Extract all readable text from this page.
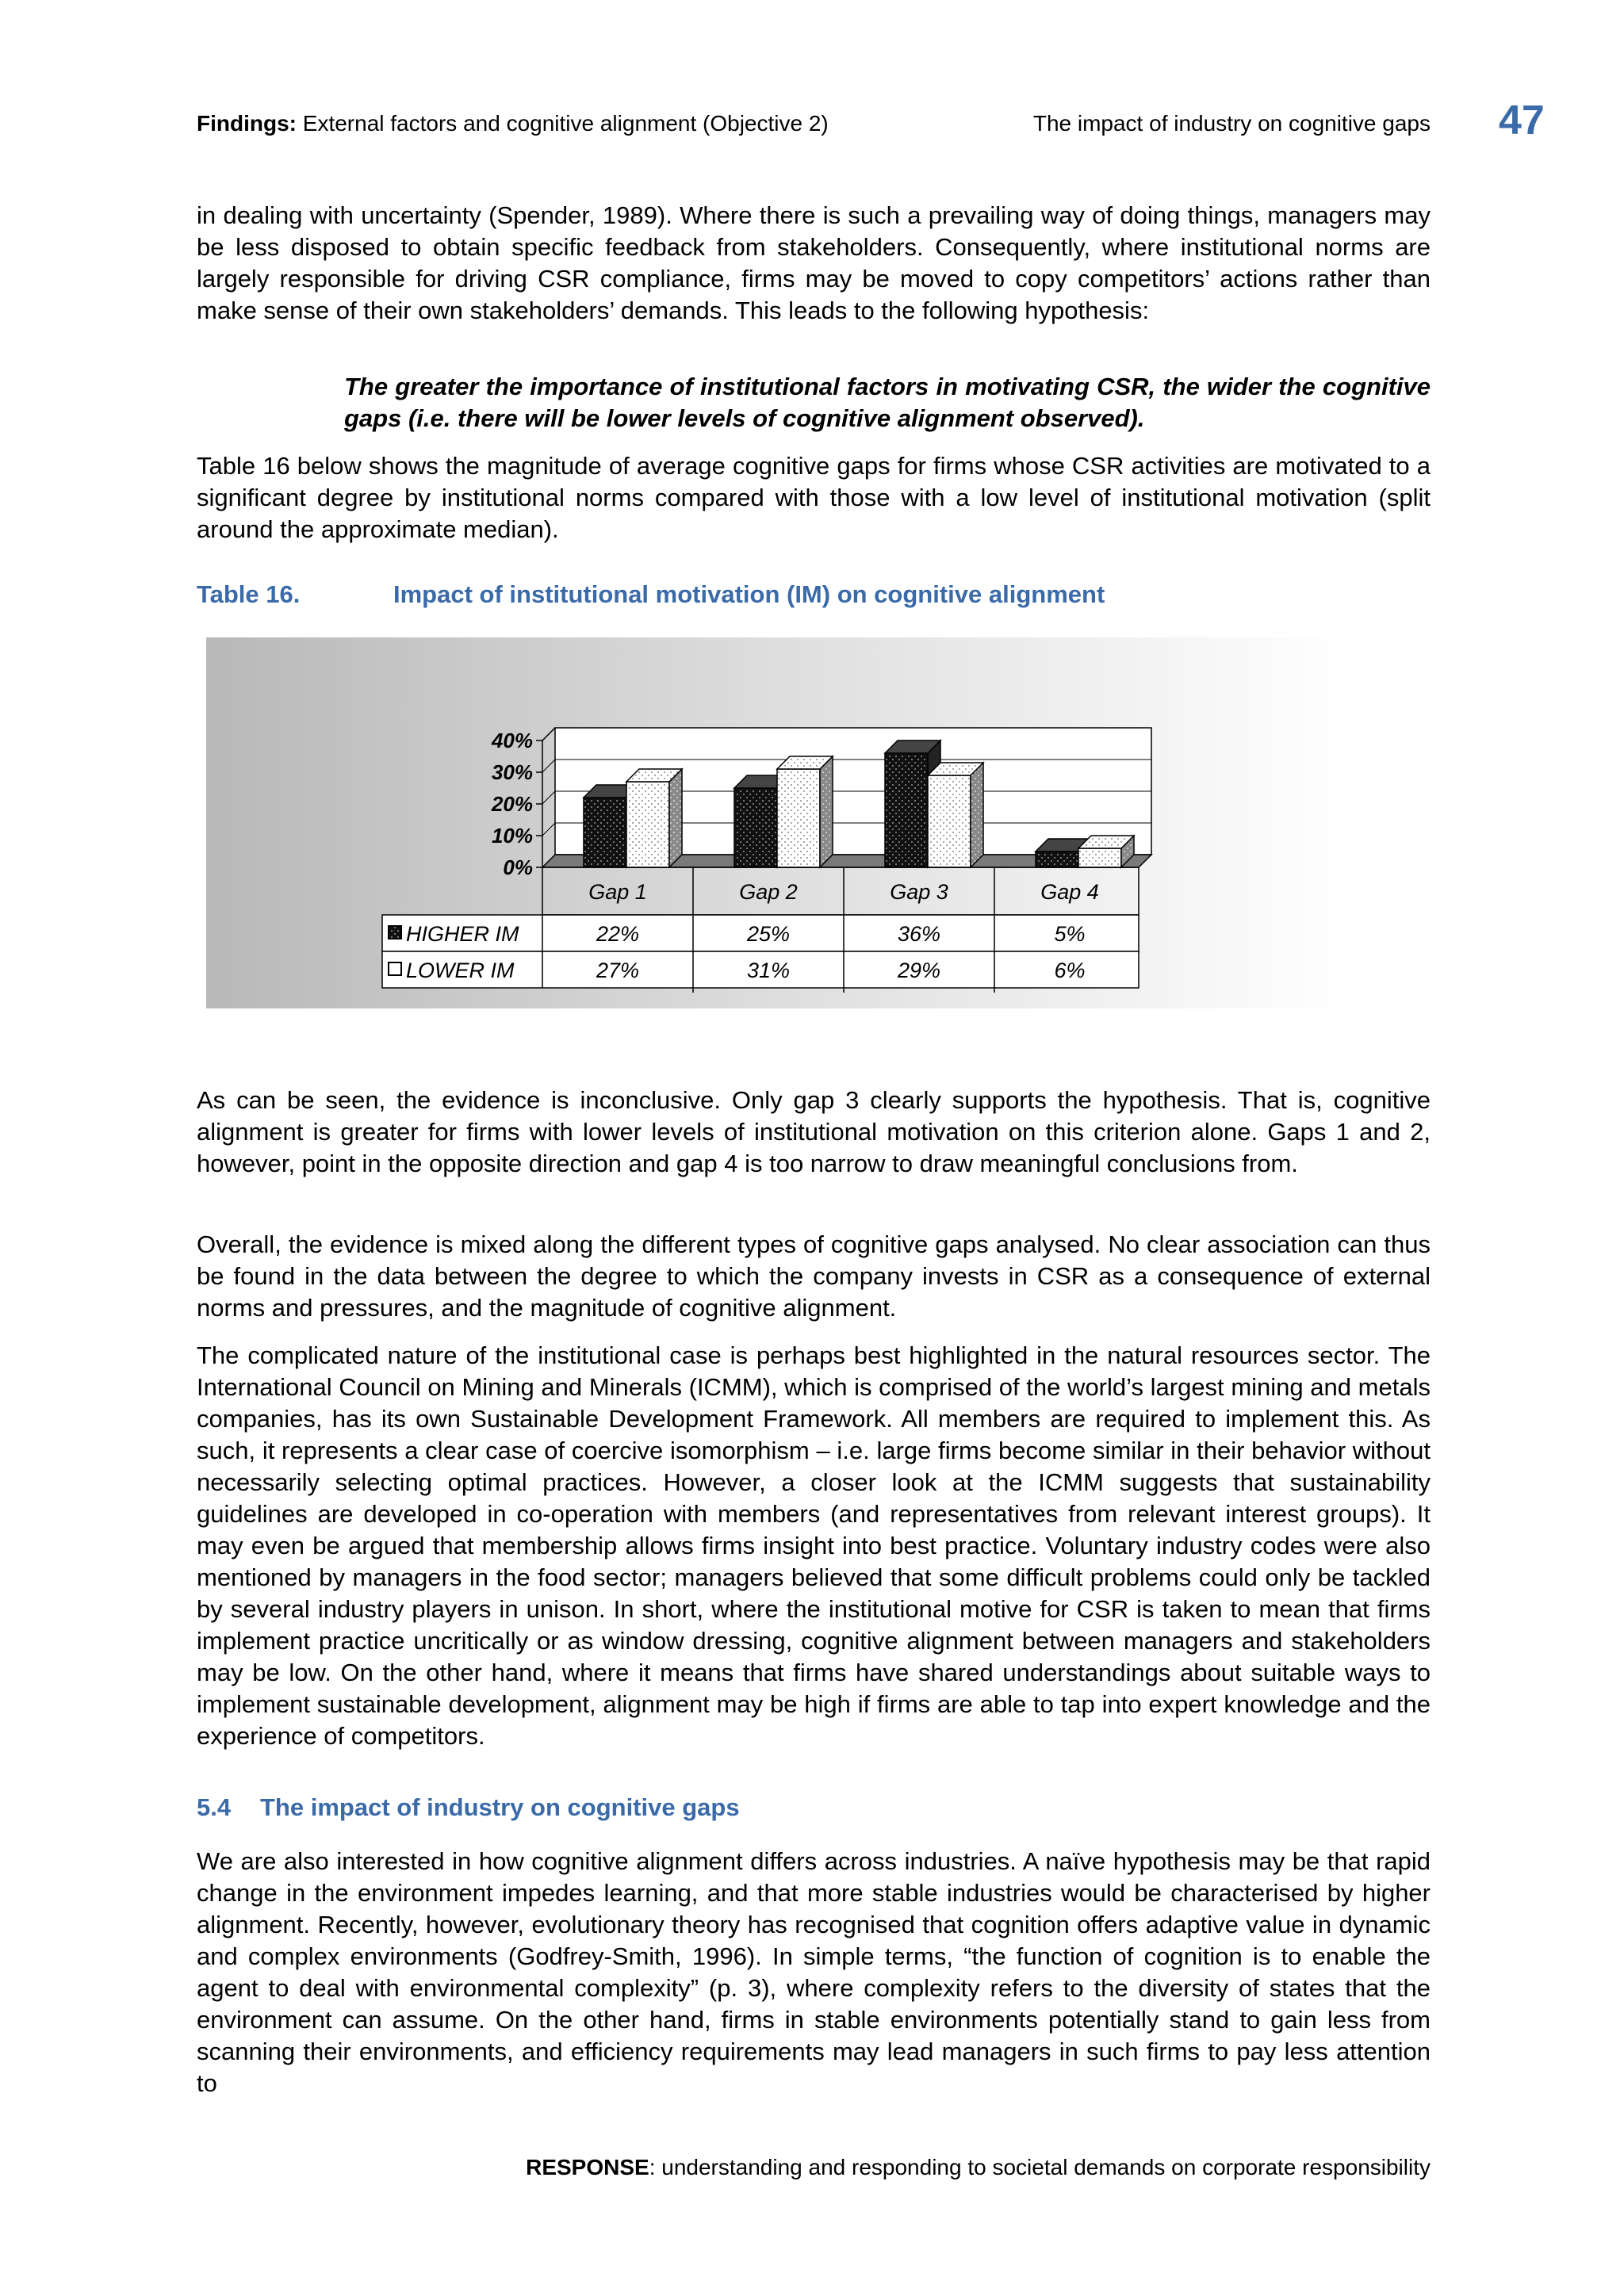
Findings: External factors and cognitive alignment (Objective 2)	The impact of industry on cognitive gaps 47

in dealing with uncertainty (Spender, 1989). Where there is such a prevailing way of doing things, managers may be less disposed to obtain specific feedback from stakeholders. Consequently, where institutional norms are largely responsible for driving CSR compliance, firms may be moved to copy competitors’ actions rather than make sense of their own stakeholders’ demands. This leads to the following hypothesis:

The greater the importance of institutional factors in motivating CSR, the wider the cognitive gaps (i.e. there will be lower levels of cognitive alignment observed).

Table 16 below shows the magnitude of average cognitive gaps for firms whose CSR activities are motivated to a significant degree by institutional norms compared with those with a low level of institutional motivation (split around the approximate median).

Table 16.	Impact of institutional motivation (IM) on cognitive alignment
0%
10%
20%
30%
40%
Gap 1	Gap 2	Gap 3	Gap 4
HIGHER IM	22%	25%	36%	5%
LOWER IM	27%	31%	29%	6%

As can be seen, the evidence is inconclusive. Only gap 3 clearly supports the hypothesis. That is, cognitive alignment is greater for firms with lower levels of institutional motivation on this criterion alone. Gaps 1 and 2, however, point in the opposite direction and gap 4 is too narrow to draw meaningful conclusions from.

Overall, the evidence is mixed along the different types of cognitive gaps analysed. No clear association can thus be found in the data between the degree to which the company invests in CSR as a consequence of external norms and pressures, and the magnitude of cognitive alignment.

The complicated nature of the institutional case is perhaps best highlighted in the natural resources sector. The International Council on Mining and Minerals (ICMM), which is comprised of the world’s largest mining and metals companies, has its own Sustainable Development Framework. All members are required to implement this. As such, it represents a clear case of coercive isomorphism – i.e. large firms become similar in their behavior without necessarily selecting optimal practices. However, a closer look at the ICMM suggests that sustainability guidelines are developed in co-operation with members (and representatives from relevant interest groups). It may even be argued that membership allows firms insight into best practice. Voluntary industry codes were also mentioned by managers in the food sector; managers believed that some difficult problems could only be tackled by several industry players in unison. In short, where the institutional motive for CSR is taken to mean that firms implement practice uncritically or as window dressing, cognitive alignment between managers and stakeholders may be low. On the other hand, where it means that firms have shared understandings about suitable ways to implement sustainable development, alignment may be high if firms are able to tap into expert knowledge and the experience of competitors.

5.4 The impact of industry on cognitive gaps

We are also interested in how cognitive alignment differs across industries. A naïve hypothesis may be that rapid change in the environment impedes learning, and that more stable industries would be characterised by higher alignment. Recently, however, evolutionary theory has recognised that cognition offers adaptive value in dynamic and complex environments (Godfrey-Smith, 1996). In simple terms, “the function of cognition is to enable the agent to deal with environmental complexity” (p. 3), where complexity refers to the diversity of states that the environment can assume. On the other hand, firms in stable environments potentially stand to gain less from scanning their environments, and efficiency requirements may lead managers in such firms to pay less attention to

RESPONSE: understanding and responding to societal demands on corporate responsibility
